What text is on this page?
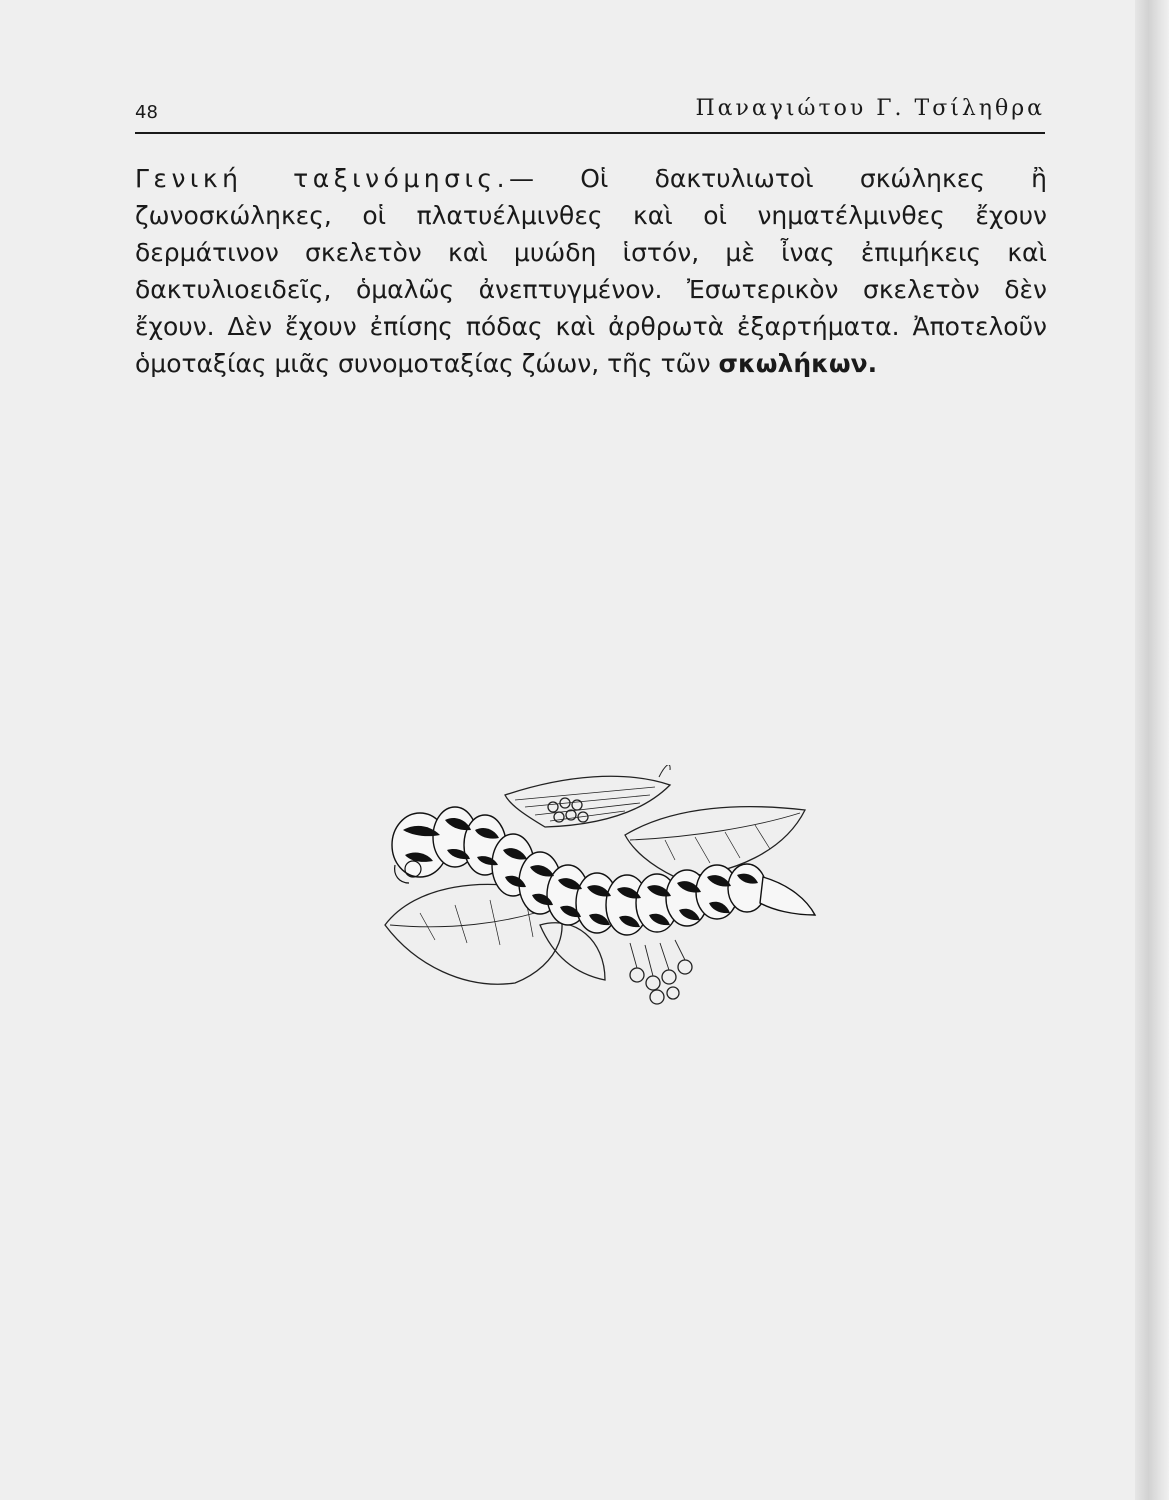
48	Παναγιώτου Γ. Τσίληθρα
Γενική ταξινόμησις.— Οἱ δακτυλιωτοὶ σκώληκες ἢ ζωνοσκώληκες, οἱ πλατυέλμινθες καὶ οἱ νηματέλμινθες ἔχουν δερμάτινον σκελετὸν καὶ μυώδη ἱστόν, μὲ ἶνας ἐπιμήκεις καὶ δακτυλιοειδεῖς, ὁμαλῶς ἀνεπτυγμένον. Ἐσωτερικὸν σκελετὸν δὲν ἔχουν. Δὲν ἔχουν ἐπίσης πόδας καὶ ἀρθρωτὰ ἐξαρτήματα. Ἀποτελοῦν ὁμοταξίας μιᾶς συνομοταξίας ζώων, τῆς τῶν σκωλήκων.
